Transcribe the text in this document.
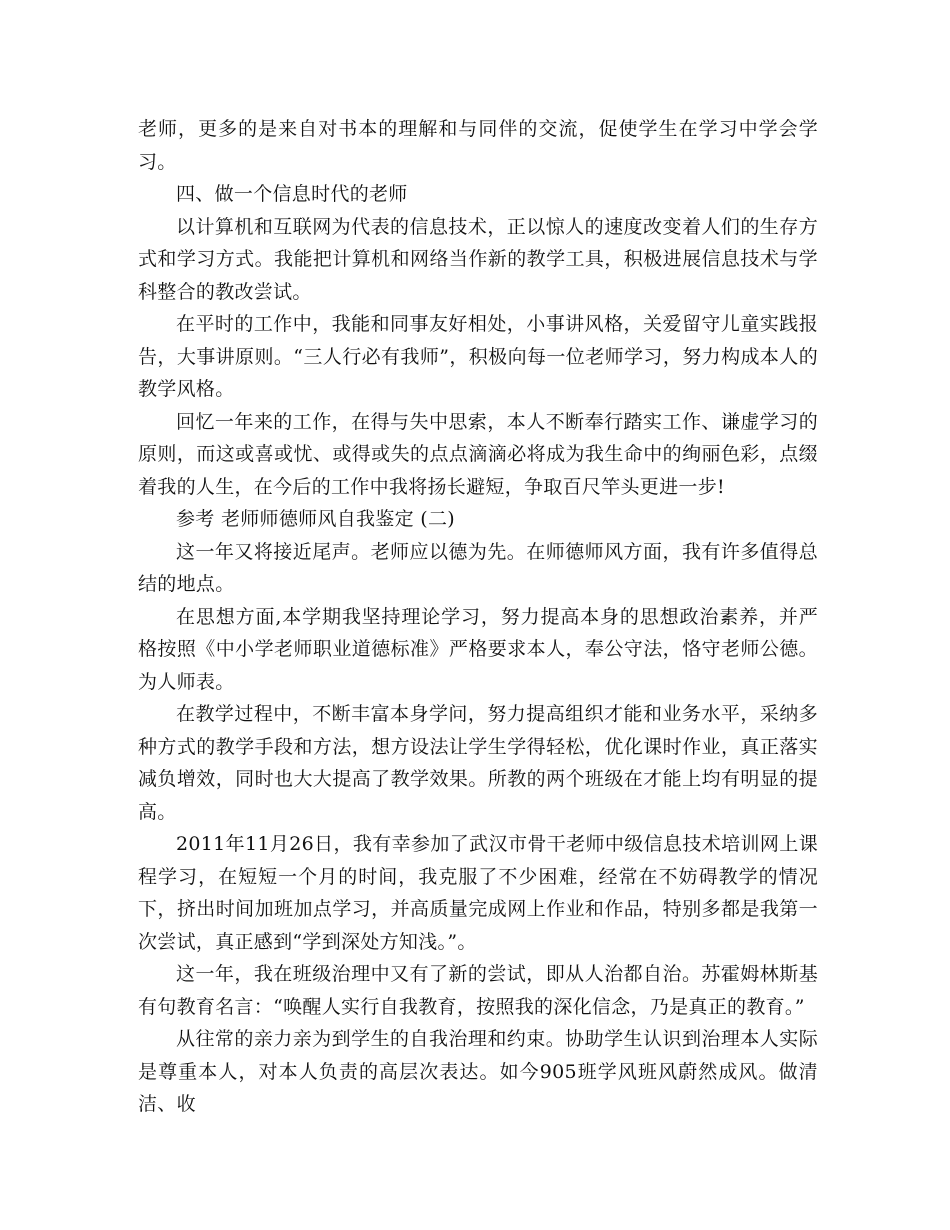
老师，更多的是来自对书本的理解和与同伴的交流，促使学生在学习中学会学习。

四、做一个信息时代的老师

以计算机和互联网为代表的信息技术，正以惊人的速度改变着人们的生存方式和学习方式。我能把计算机和网络当作新的教学工具，积极进展信息技术与学科整合的教改尝试。

在平时的工作中，我能和同事友好相处，小事讲风格，关爱留守儿童实践报告，大事讲原则。“三人行必有我师”，积极向每一位老师学习，努力构成本人的教学风格。

回忆一年来的工作，在得与失中思索，本人不断奉行踏实工作、谦虚学习的原则，而这或喜或忧、或得或失的点点滴滴必将成为我生命中的绚丽色彩，点缀着我的人生，在今后的工作中我将扬长避短，争取百尺竿头更进一步!

参考 老师师德师风自我鉴定 (二)

这一年又将接近尾声。老师应以德为先。在师德师风方面，我有许多值得总结的地点。

在思想方面,本学期我坚持理论学习，努力提高本身的思想政治素养，并严格按照《中小学老师职业道德标准》严格要求本人，奉公守法，恪守老师公德。为人师表。

在教学过程中，不断丰富本身学问，努力提高组织才能和业务水平，采纳多种方式的教学手段和方法，想方设法让学生学得轻松，优化课时作业，真正落实减负增效，同时也大大提高了教学效果。所教的两个班级在才能上均有明显的提高。

2011年11月26日，我有幸参加了武汉市骨干老师中级信息技术培训网上课程学习，在短短一个月的时间，我克服了不少困难，经常在不妨碍教学的情况下，挤出时间加班加点学习，并高质量完成网上作业和作品，特别多都是我第一次尝试，真正感到“学到深处方知浅。”。

这一年，我在班级治理中又有了新的尝试，即从人治都自治。苏霍姆林斯基有句教育名言：“唤醒人实行自我教育，按照我的深化信念，乃是真正的教育。”

从往常的亲力亲为到学生的自我治理和约束。协助学生认识到治理本人实际是尊重本人，对本人负责的高层次表达。如今905班学风班风蔚然成风。做清洁、收
